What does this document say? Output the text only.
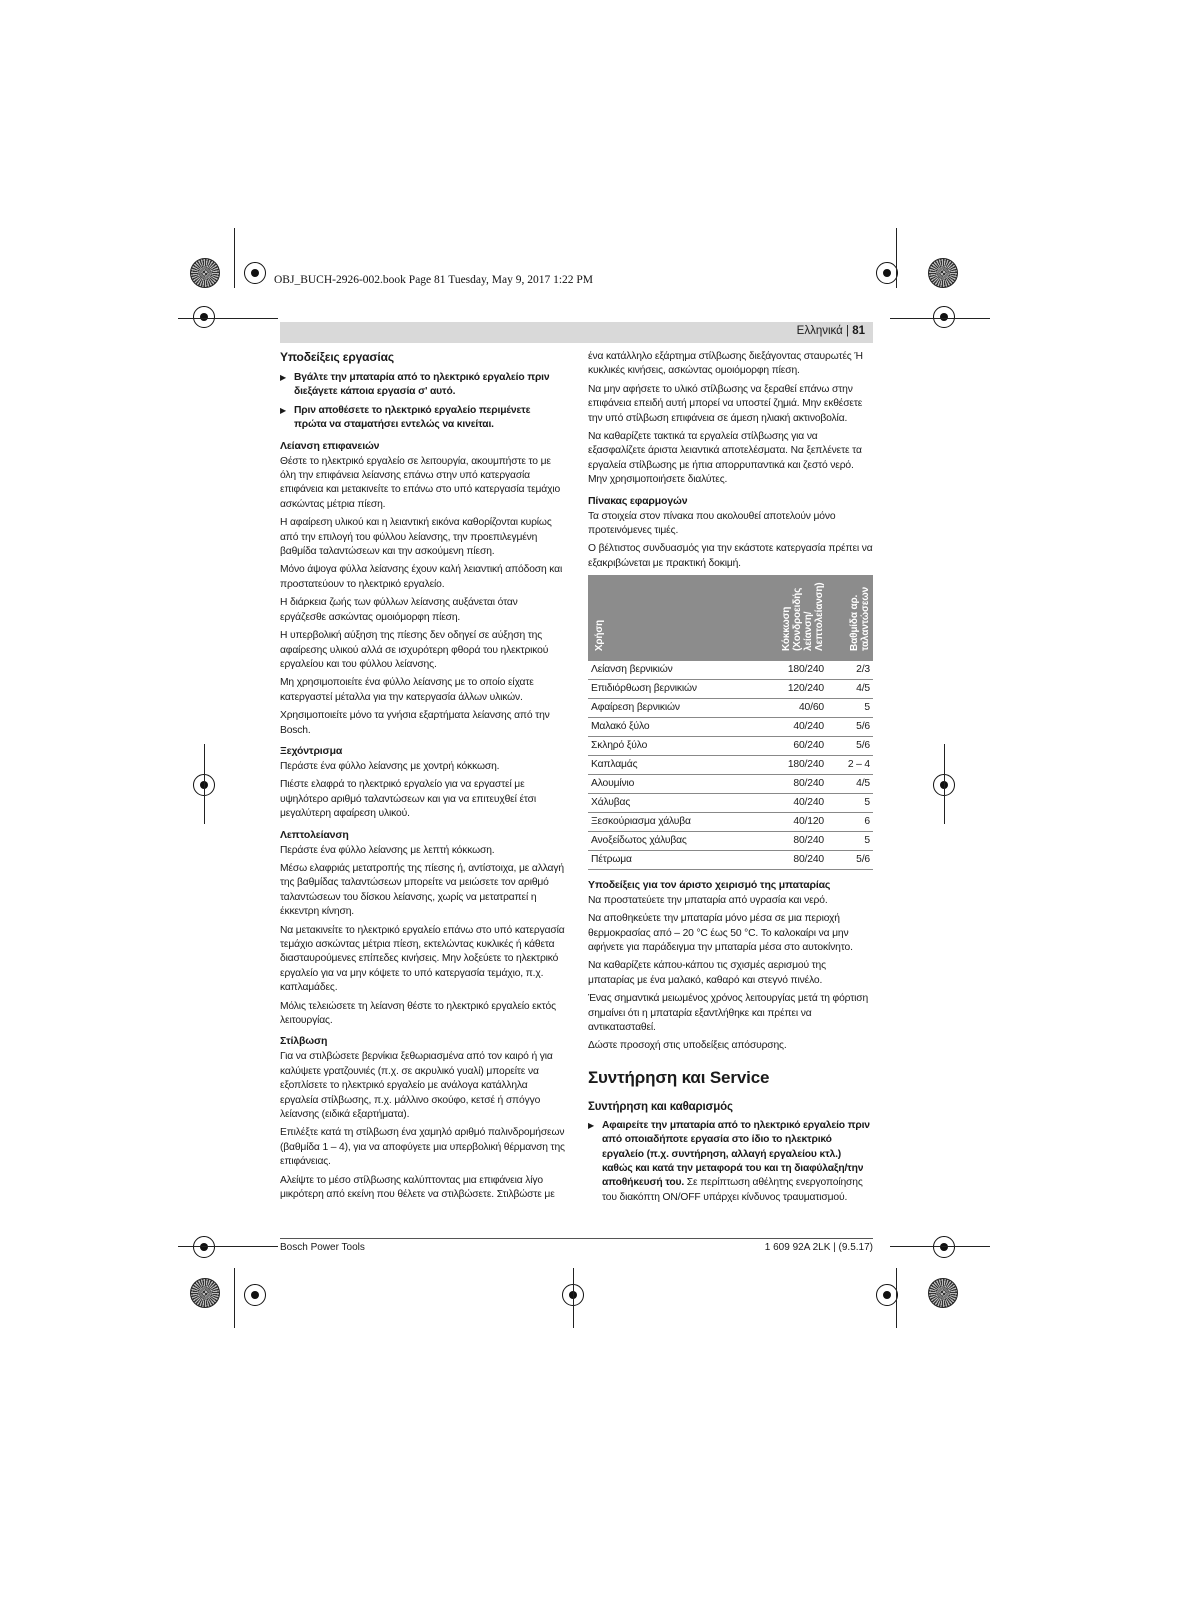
OBJ_BUCH-2926-002.book Page 81 Tuesday, May 9, 2017 1:22 PM
Ελληνικά | 81
Υποδείξεις εργασίας
▶ Βγάλτε την μπαταρία από το ηλεκτρικό εργαλείο πριν διεξάγετε κάποια εργασία σ' αυτό.
▶ Πριν αποθέσετε το ηλεκτρικό εργαλείο περιμένετε πρώτα να σταματήσει εντελώς να κινείται.
Λείανση επιφανειών

Θέστε το ηλεκτρικό εργαλείο σε λειτουργία, ακουμπήστε το με όλη την επιφάνεια λείανσης επάνω στην υπό κατεργασία επιφάνεια και μετακινείτε το επάνω στο υπό κατεργασία τεμάχιο ασκώντας μέτρια πίεση.

Η αφαίρεση υλικού και η λειαντική εικόνα καθορίζονται κυρίως από την επιλογή του φύλλου λείανσης, την προεπιλεγμένη βαθμίδα ταλαντώσεων και την ασκούμενη πίεση.

Μόνο άψογα φύλλα λείανσης έχουν καλή λειαντική απόδοση και προστατεύουν το ηλεκτρικό εργαλείο.

Η διάρκεια ζωής των φύλλων λείανσης αυξάνεται όταν εργάζεσθε ασκώντας ομοιόμορφη πίεση.

Η υπερβολική αύξηση της πίεσης δεν οδηγεί σε αύξηση της αφαίρεσης υλικού αλλά σε ισχυρότερη φθορά του ηλεκτρικού εργαλείου και του φύλλου λείανσης.

Μη χρησιμοποιείτε ένα φύλλο λείανσης με το οποίο είχατε κατεργαστεί μέταλλα για την κατεργασία άλλων υλικών.

Χρησιμοποιείτε μόνο τα γνήσια εξαρτήματα λείανσης από την Bosch.

Ξεχόντρισμα

Περάστε ένα φύλλο λείανσης με χοντρή κόκκωση.

Πιέστε ελαφρά το ηλεκτρικό εργαλείο για να εργαστεί με υψηλότερο αριθμό ταλαντώσεων και για να επιτευχθεί έτσι μεγαλύτερη αφαίρεση υλικού.

Λεπτολείανση

Περάστε ένα φύλλο λείανσης με λεπτή κόκκωση.

Μέσω ελαφριάς μετατροπής της πίεσης ή, αντίστοιχα, με αλλαγή της βαθμίδας ταλαντώσεων μπορείτε να μειώσετε τον αριθμό ταλαντώσεων του δίσκου λείανσης, χωρίς να μετατραπεί η έκκεντρη κίνηση.

Να μετακινείτε το ηλεκτρικό εργαλείο επάνω στο υπό κατεργασία τεμάχιο ασκώντας μέτρια πίεση, εκτελώντας κυκλικές ή κάθετα διασταυρούμενες επίπεδες κινήσεις. Μην λοξεύετε το ηλεκτρικό εργαλείο για να μην κόψετε το υπό κατεργασία τεμάχιο, π.χ. καπλαμάδες.

Μόλις τελειώσετε τη λείανση θέστε το ηλεκτρικό εργαλείο εκτός λειτουργίας.

Στίλβωση

Για να στιλβώσετε βερνίκια ξεθωριασμένα από τον καιρό ή για καλύψετε γρατζουνιές (π.χ. σε ακρυλικό γυαλί) μπορείτε να εξοπλίσετε το ηλεκτρικό εργαλείο με ανάλογα κατάλληλα εργαλεία στίλβωσης, π.χ. μάλλινο σκούφο, κετσέ ή σπόγγο λείανσης (ειδικά εξαρτήματα).

Επιλέξτε κατά τη στίλβωση ένα χαμηλό αριθμό παλινδρομήσεων (βαθμίδα 1 – 4), για να αποφύγετε μια υπερβολική θέρμανση της επιφάνειας.

Αλείψτε το μέσο στίλβωσης καλύπτοντας μια επιφάνεια λίγο μικρότερη από εκείνη που θέλετε να στιλβώσετε. Στιλβώστε με

ένα κατάλληλο εξάρτημα στίλβωσης διεξάγοντας σταυρωτές Ή κυκλικές κινήσεις, ασκώντας ομοιόμορφη πίεση.

Να μην αφήσετε το υλικό στίλβωσης να ξεραθεί επάνω στην επιφάνεια επειδή αυτή μπορεί να υποστεί ζημιά. Μην εκθέσετε την υπό στίλβωση επιφάνεια σε άμεση ηλιακή ακτινοβολία.

Να καθαρίζετε τακτικά τα εργαλεία στίλβωσης για να εξασφαλίζετε άριστα λειαντικά αποτελέσματα. Να ξεπλένετε τα εργαλεία στίλβωσης με ήπια απορρυπαντικά και ζεστό νερό. Μην χρησιμοποιήσετε διαλύτες.

Πίνακας εφαρμογών

Τα στοιχεία στον πίνακα που ακολουθεί αποτελούν μόνο προτεινόμενες τιμές.

Ο βέλτιστος συνδυασμός για την εκάστοτε κατεργασία πρέπει να εξακριβώνεται με πρακτική δοκιμή.

Χρήση	Κόκκωση (Χονδροειδής λείανση/ Λεπτολείανση)	Βαθμίδα αρ. ταλαντώσεων
Λείανση βερνικιών	180/240	2/3
Επιδιόρθωση βερνικιών	120/240	4/5
Αφαίρεση βερνικιών	40/60	5
Μαλακό ξύλο	40/240	5/6
Σκληρό ξύλο	60/240	5/6
Καπλαμάς	180/240	2 – 4
Αλουμίνιο	80/240	4/5
Χάλυβας	40/240	5
Ξεσκούριασμα χάλυβα	40/120	6
Ανοξείδωτος χάλυβας	80/240	5
Πέτρωμα	80/240	5/6
Υποδείξεις για τον άριστο χειρισμό της μπαταρίας

Να προστατεύετε την μπαταρία από υγρασία και νερό.

Να αποθηκεύετε την μπαταρία μόνο μέσα σε μια περιοχή θερμοκρασίας από – 20 °C έως 50 °C. Το καλοκαίρι να μην αφήνετε για παράδειγμα την μπαταρία μέσα στο αυτοκίνητο.

Να καθαρίζετε κάπου-κάπου τις σχισμές αερισμού της μπαταρίας με ένα μαλακό, καθαρό και στεγνό πινέλο.

Ένας σημαντικά μειωμένος χρόνος λειτουργίας μετά τη φόρτιση σημαίνει ότι η μπαταρία εξαντλήθηκε και πρέπει να αντικατασταθεί.

Δώστε προσοχή στις υποδείξεις απόσυρσης.

Συντήρηση και Service
Συντήρηση και καθαρισμός
▶ Αφαιρείτε την μπαταρία από το ηλεκτρικό εργαλείο πριν από οποιαδήποτε εργασία στο ίδιο το ηλεκτρικό εργαλείο (π.χ. συντήρηση, αλλαγή εργαλείου κτλ.) καθώς και κατά την μεταφορά του και τη διαφύλαξη/την αποθήκευσή του. Σε περίπτωση αθέλητης ενεργοποίησης του διακόπτη ON/OFF υπάρχει κίνδυνος τραυματισμού.
Bosch Power Tools	1 609 92A 2LK | (9.5.17)
